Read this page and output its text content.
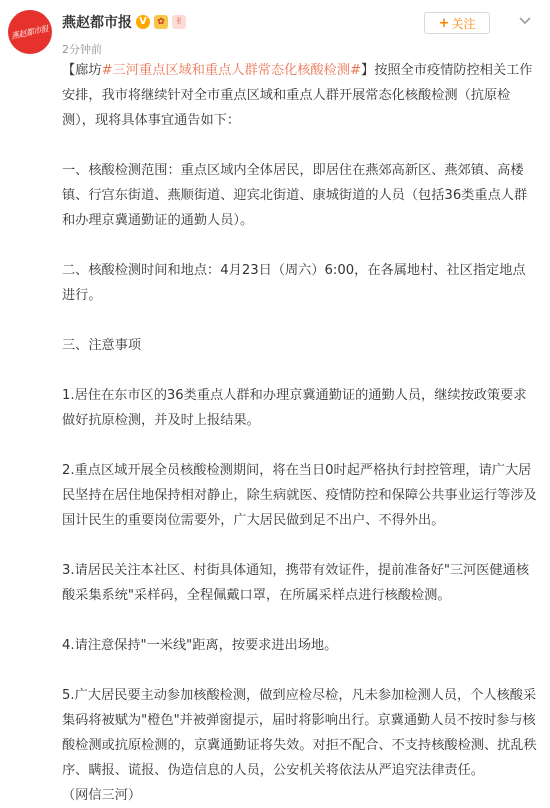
燕赵都市报
燕赵都市报 V	✿	✌
2分钟前
+ 关注

【廊坊#三河重点区域和重点人群常态化核酸检测#】按照全市疫情防控相关工作安排，我市将继续针对全市重点区域和重点人群开展常态化核酸检测（抗原检测），现将具体事宜通告如下：

一、核酸检测范围：重点区域内全体居民，即居住在燕郊高新区、燕郊镇、高楼镇、行宫东街道、燕顺街道、迎宾北街道、康城街道的人员（包括36类重点人群和办理京冀通勤证的通勤人员）。

二、核酸检测时间和地点：4月23日（周六）6:00，在各属地村、社区指定地点进行。

三、注意事项

1.居住在东市区的36类重点人群和办理京冀通勤证的通勤人员，继续按政策要求做好抗原检测，并及时上报结果。

2.重点区域开展全员核酸检测期间，将在当日0时起严格执行封控管理，请广大居民坚持在居住地保持相对静止，除生病就医、疫情防控和保障公共事业运行等涉及国计民生的重要岗位需要外，广大居民做到足不出户、不得外出。

3.请居民关注本社区、村街具体通知，携带有效证件，提前准备好"三河医健通核酸采集系统"采样码，全程佩戴口罩，在所属采样点进行核酸检测。

4.请注意保持"一米线"距离，按要求进出场地。

5.广大居民要主动参加核酸检测，做到应检尽检，凡未参加检测人员，个人核酸采集码将被赋为"橙色"并被弹窗提示，届时将影响出行。京冀通勤人员不按时参与核酸检测或抗原检测的，京冀通勤证将失效。对拒不配合、不支持核酸检测、扰乱秩序、瞒报、谎报、伪造信息的人员，公安机关将依法从严追究法律责任。

（网信三河）
